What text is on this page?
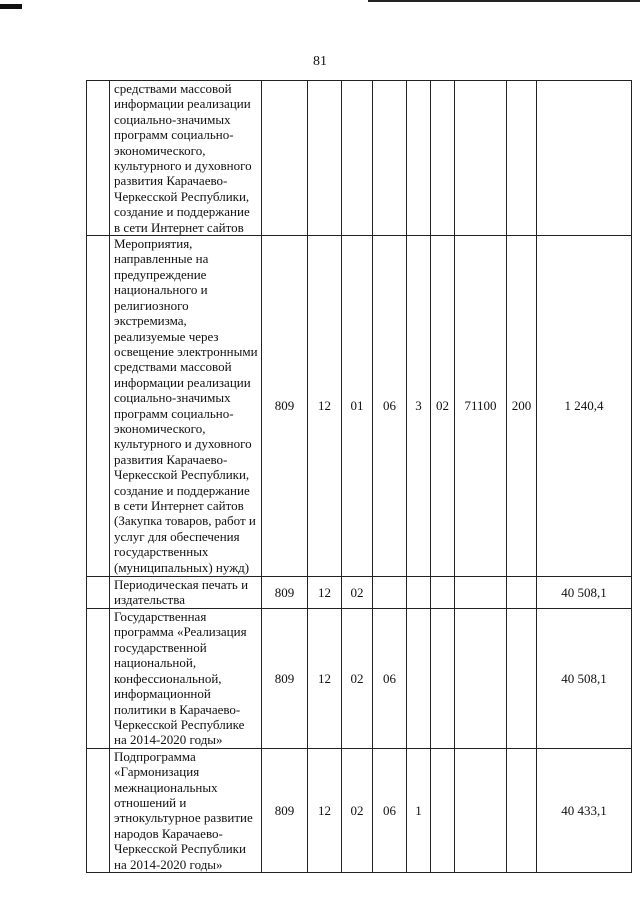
81
	средствами массовой информации реализации социально-значимых программ социально-экономического, культурного и духовного развития Карачаево-Черкесской Республики, создание и поддержание в сети Интернет сайтов									
	Мероприятия, направленные на предупреждение национального и религиозного экстремизма, реализуемые через освещение электронными средствами массовой информации реализации социально-значимых программ социально-экономического, культурного и духовного развития Карачаево-Черкесской Республики, создание и поддержание в сети Интернет сайтов (Закупка товаров, работ и услуг для обеспечения государственных (муниципальных) нужд)	809	12	01	06	3	02	71100	200	1 240,4
	Периодическая печать и издательства	809	12	02						40 508,1
	Государственная программа «Реализация государственной национальной, конфессиональной, информационной политики в Карачаево-Черкесской Республике на 2014-2020 годы»	809	12	02	06					40 508,1
	Подпрограмма «Гармонизация межнациональных отношений и этнокультурное развитие народов Карачаево-Черкесской Республики на 2014-2020 годы»	809	12	02	06	1				40 433,1
